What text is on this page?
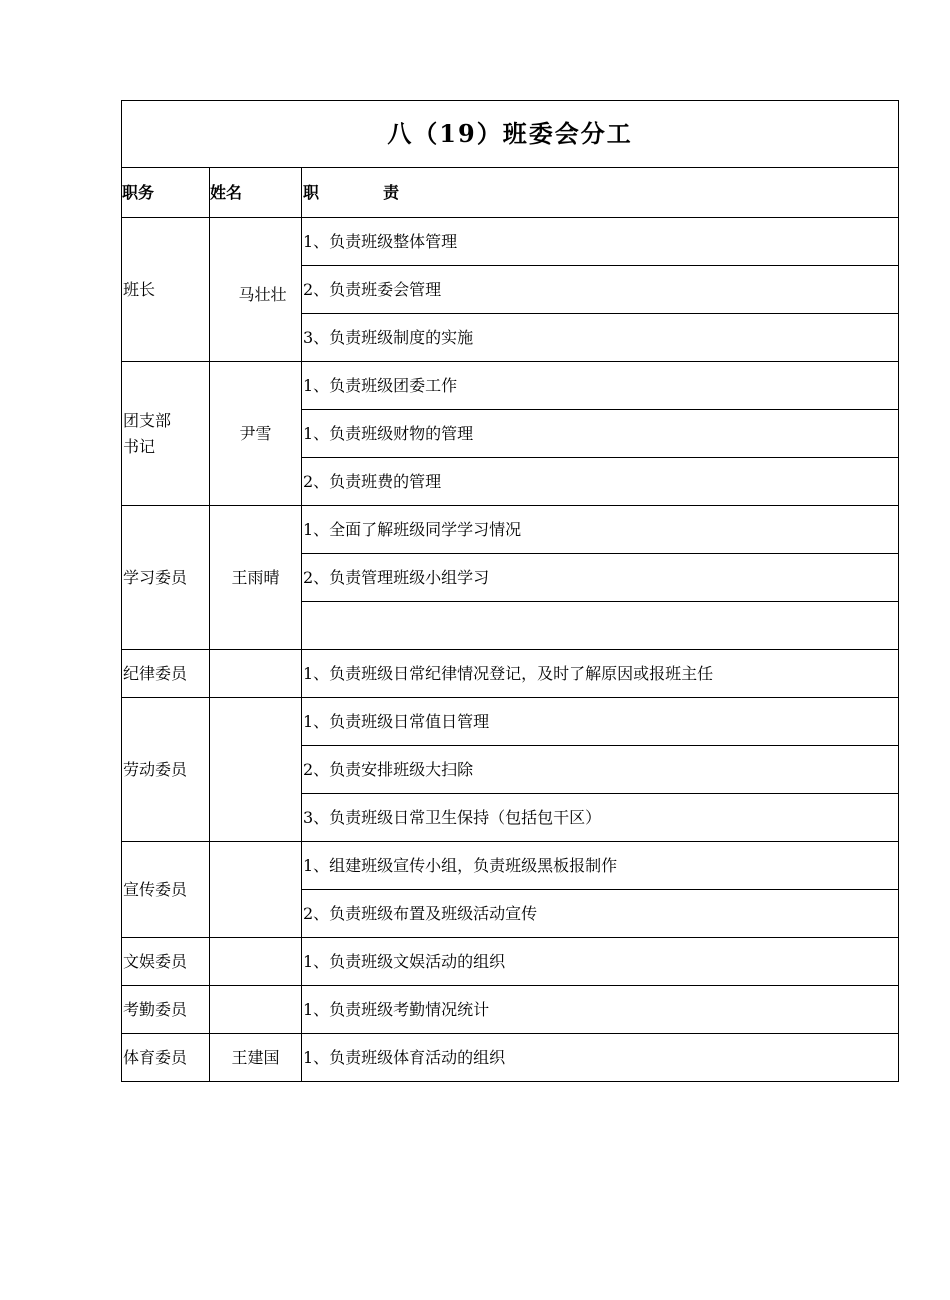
八（19）班委会分工		
职务	姓名	职 责
班长	马壮壮	1、负责班级整体管理
		2、负责班委会管理
		3、负责班级制度的实施
团支部书记	尹雪	1、负责班级团委工作
		1、负责班级财物的管理
		2、负责班费的管理
学习委员	王雨晴	1、全面了解班级同学学习情况
		2、负责管理班级小组学习

纪律委员		1、负责班级日常纪律情况登记，及时了解原因或报班主任
劳动委员		1、负责班级日常值日管理
		2、负责安排班级大扫除
		3、负责班级日常卫生保持（包括包干区）
宣传委员		1、组建班级宣传小组，负责班级黑板报制作
		2、负责班级布置及班级活动宣传
文娱委员		1、负责班级文娱活动的组织
考勤委员		1、负责班级考勤情况统计
体育委员	王建国	1、负责班级体育活动的组织
